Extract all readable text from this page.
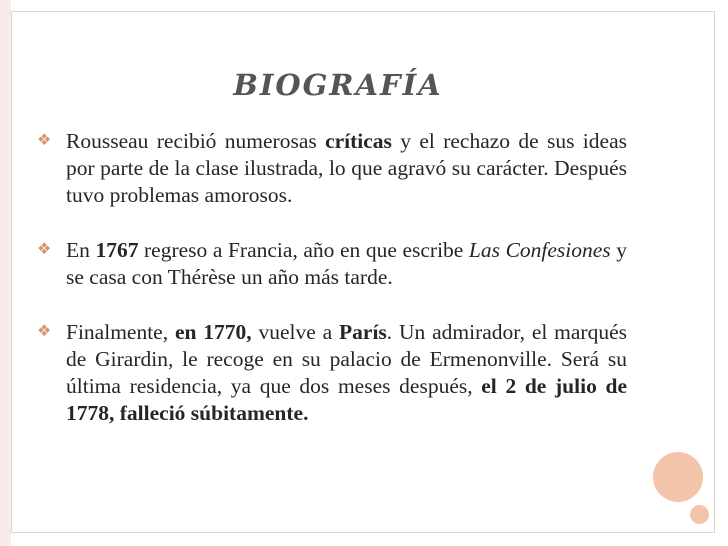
BIOGRAFÍA
❖ Rousseau recibió numerosas críticas y el rechazo de sus ideas por parte de la clase ilustrada, lo que agravó su carácter. Después tuvo problemas amorosos.
❖ En 1767 regreso a Francia, año en que escribe Las Confesiones y se casa con Thérèse un año más tarde.
❖ Finalmente, en 1770, vuelve a París. Un admirador, el marqués de Girardin, le recoge en su palacio de Ermenonville. Será su última residencia, ya que dos meses después, el 2 de julio de 1778, falleció súbitamente.
